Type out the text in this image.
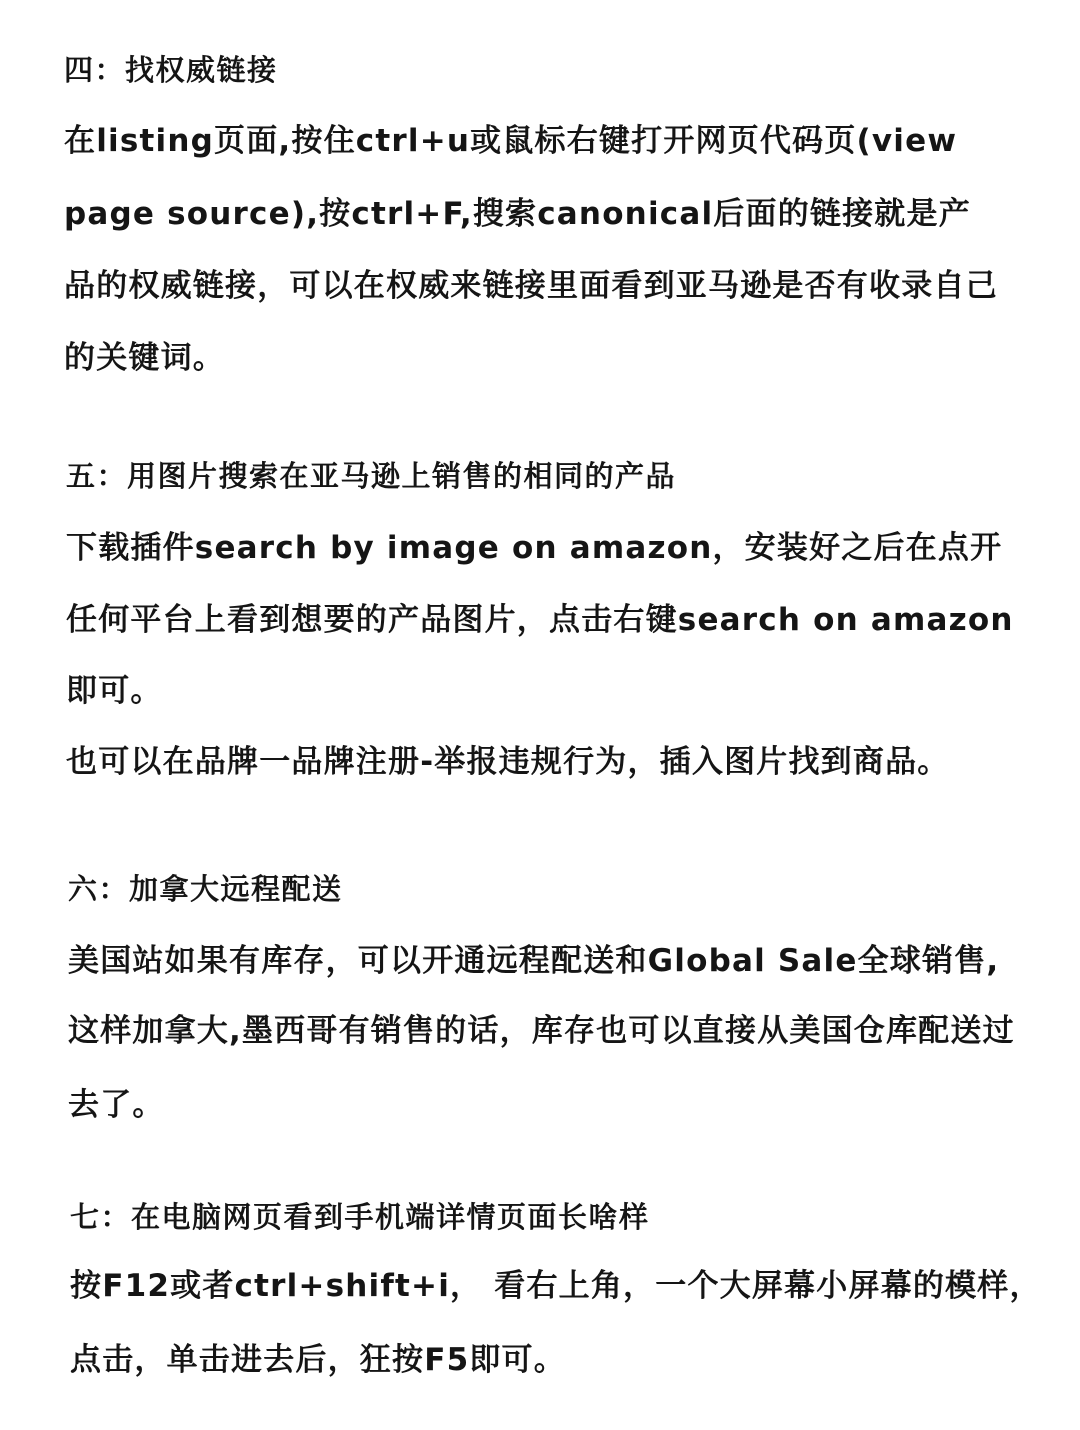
四：找权威链接
在listing页面,按住ctrl+u或鼠标右键打开网页代码页(view
page source),按ctrl+F,搜索canonical后面的链接就是产
品的权威链接，可以在权威来链接里面看到亚马逊是否有收录自己
的关键词。
五：用图片搜索在亚马逊上销售的相同的产品
下载插件search by image on amazon，安装好之后在点开
任何平台上看到想要的产品图片，点击右键search on amazon
即可。
也可以在品牌一品牌注册-举报违规行为，插入图片找到商品。
六：加拿大远程配送
美国站如果有库存，可以开通远程配送和Global Sale全球销售,
这样加拿大,墨西哥有销售的话，库存也可以直接从美国仓库配送过
去了。
七：在电脑网页看到手机端详情页面长啥样
按F12或者ctrl+shift+i， 看右上角，一个大屏幕小屏幕的模样，
点击，单击进去后，狂按F5即可。
